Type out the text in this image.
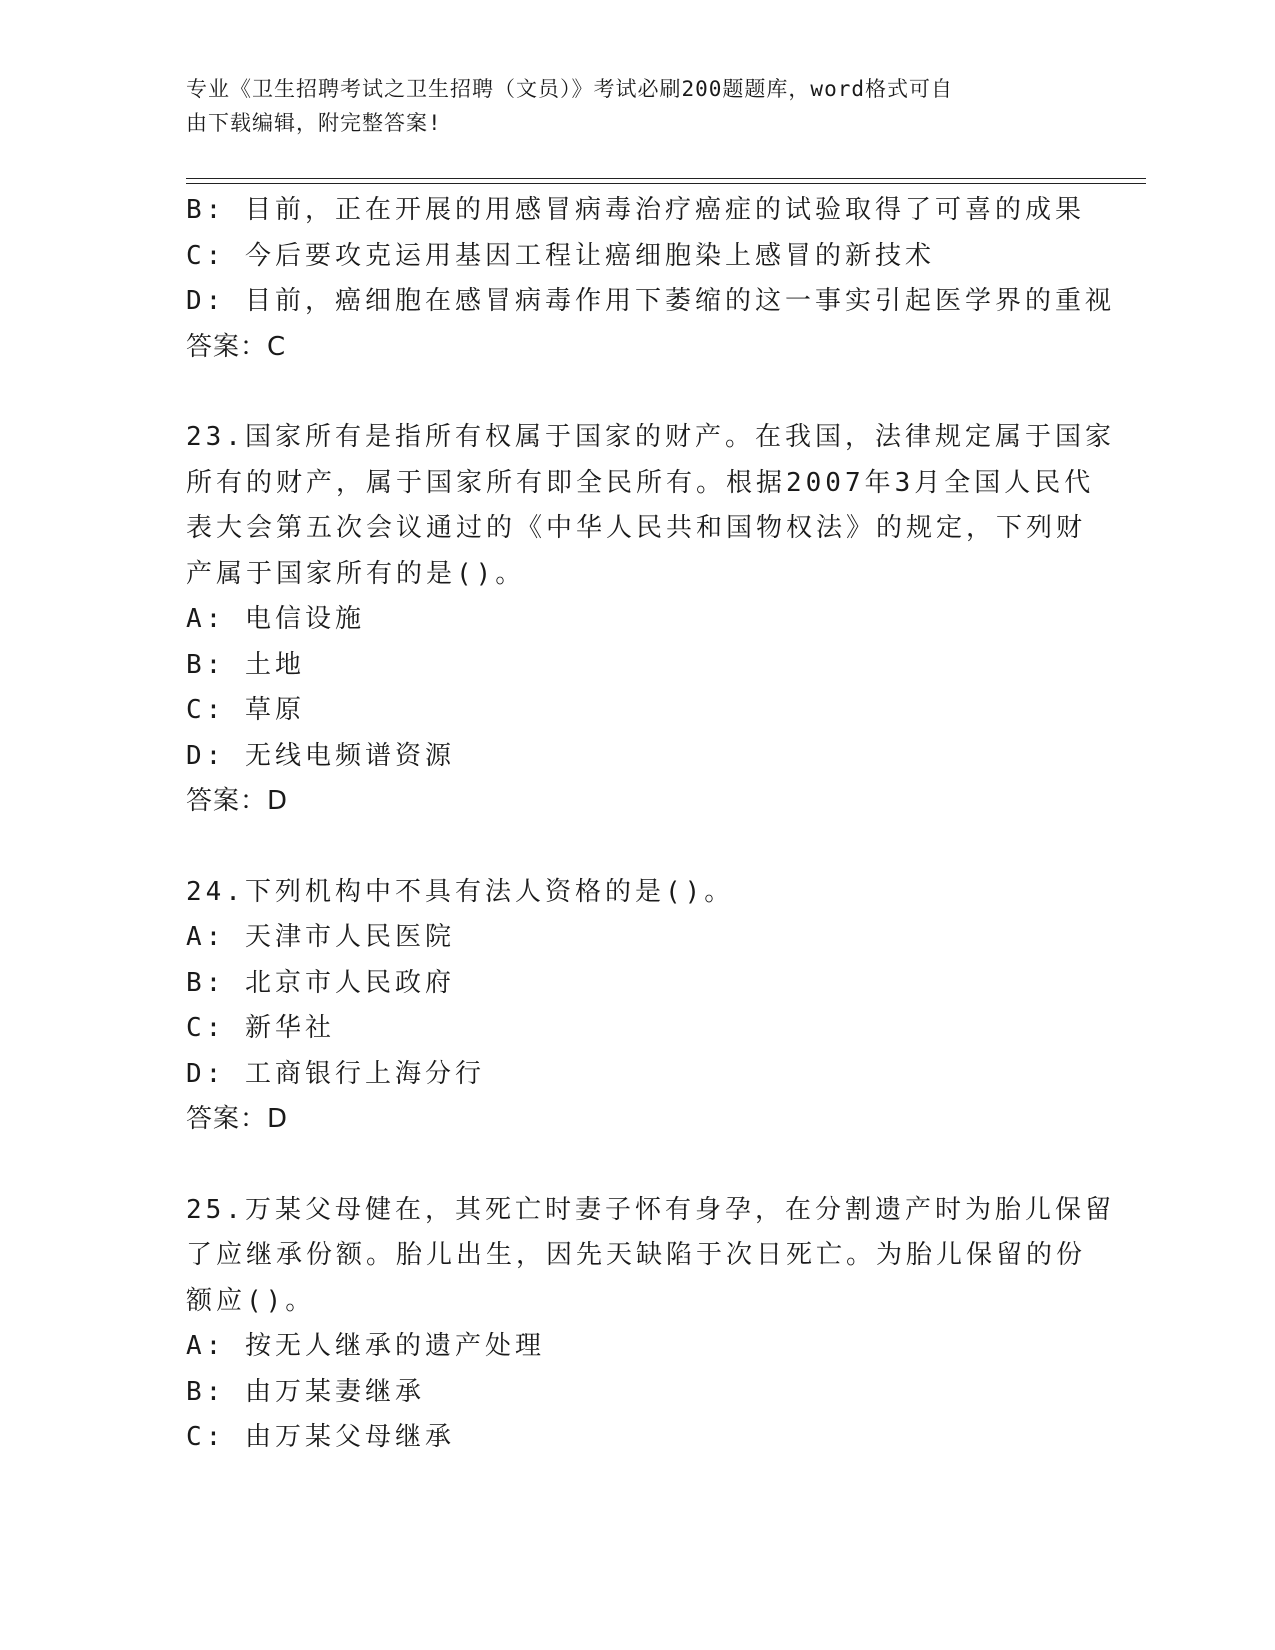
专业《卫生招聘考试之卫生招聘（文员）》考试必刷200题题库，word格式可自
由下载编辑，附完整答案!
B: 目前，正在开展的用感冒病毒治疗癌症的试验取得了可喜的成果
C: 今后要攻克运用基因工程让癌细胞染上感冒的新技术
D: 目前，癌细胞在感冒病毒作用下萎缩的这一事实引起医学界的重视
答案：C
23.国家所有是指所有权属于国家的财产。在我国，法律规定属于国家
所有的财产，属于国家所有即全民所有。根据2007年3月全国人民代
表大会第五次会议通过的《中华人民共和国物权法》的规定，下列财
产属于国家所有的是()。
A: 电信设施
B: 土地
C: 草原
D: 无线电频谱资源
答案：D
24.下列机构中不具有法人资格的是()。
A: 天津市人民医院
B: 北京市人民政府
C: 新华社
D: 工商银行上海分行
答案：D
25.万某父母健在，其死亡时妻子怀有身孕，在分割遗产时为胎儿保留
了应继承份额。胎儿出生，因先天缺陷于次日死亡。为胎儿保留的份
额应()。
A: 按无人继承的遗产处理
B: 由万某妻继承
C: 由万某父母继承
